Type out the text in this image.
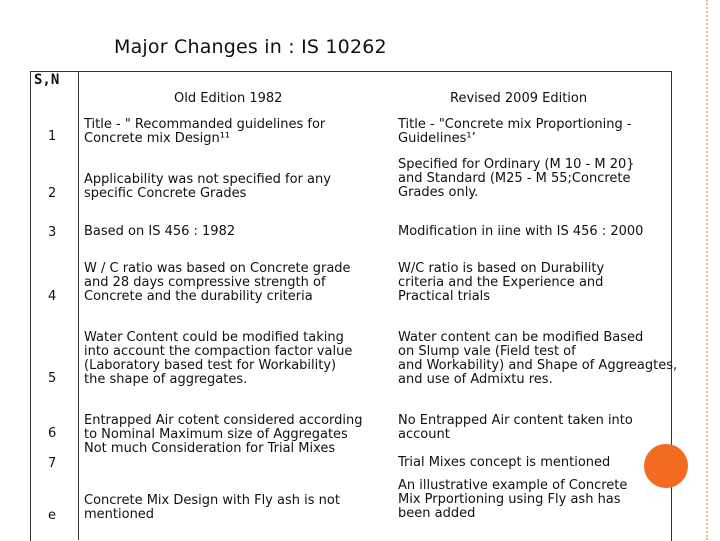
Major Changes in : IS 10262
S,N
Old Edition 1982	Revised 2009 Edition
1
Title - " Recommanded guidelines for
Concrete mix Design¹¹
Title - "Concrete mix Proportioning -
Guidelines¹’
2
Applicability was not specified for any
specific Concrete Grades
Specified for Ordinary (M 10 - M 20}
and Standard (M25 - M 55;Concrete
Grades only.
3 Based on IS 456 : 1982	Modification in iine with IS 456 : 2000
4
W / C ratio was based on Concrete grade
and 28 days compressive strength of
Concrete and the durability criteria
W/C ratio is based on Durability
criteria and the Experience and
Practical trials
5
Water Content could be modified taking
into account the compaction factor value
(Laboratory based test for Workability)
the shape of aggregates.
Water content can be modified Based
on Slump vale (Field test of
and Workability) and Shape of Aggreagtes,
and use of Admixtu res.
6
Entrapped Air cotent considered according
to Nominal Maximum size of Aggregates
No Entrapped Air content taken into
account
7
Not much Consideration for Trial Mixes
Trial Mixes concept is mentioned
e
Concrete Mix Design with Fly ash is not
mentioned
An illustrative example of Concrete
Mix Prportioning using Fly ash has
been added
